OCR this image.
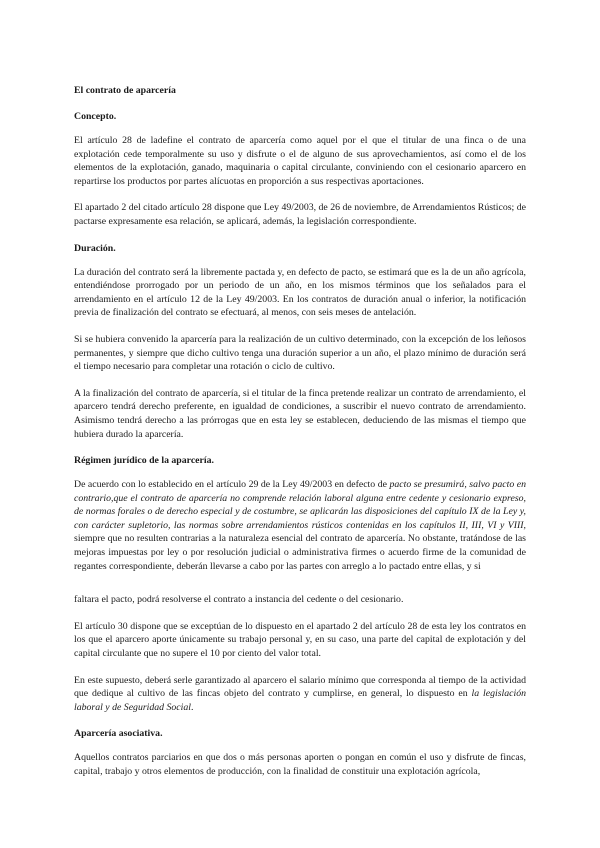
El contrato de aparcería
Concepto.

El artículo 28 de ladefine el contrato de aparcería como aquel por el que el titular de una finca o de una explotación cede temporalmente su uso y disfrute o el de alguno de sus aprovechamientos, así como el de los elementos de la explotación, ganado, maquinaria o capital circulante, conviniendo con el cesionario aparcero en repartirse los productos por partes alícuotas en proporción a sus respectivas aportaciones.

El apartado 2 del citado artículo 28 dispone que Ley 49/2003, de 26 de noviembre, de Arrendamientos Rústicos; de pactarse expresamente esa relación, se aplicará, además, la legislación correspondiente.

Duración.

La duración del contrato será la libremente pactada y, en defecto de pacto, se estimará que es la de un año agrícola, entendiéndose prorrogado por un periodo de un año, en los mismos términos que los señalados para el arrendamiento en el artículo 12 de la Ley 49/2003. En los contratos de duración anual o inferior, la notificación previa de finalización del contrato se efectuará, al menos, con seis meses de antelación.

Si se hubiera convenido la aparcería para la realización de un cultivo determinado, con la excepción de los leñosos permanentes, y siempre que dicho cultivo tenga una duración superior a un año, el plazo mínimo de duración será el tiempo necesario para completar una rotación o ciclo de cultivo.

A la finalización del contrato de aparcería, si el titular de la finca pretende realizar un contrato de arrendamiento, el aparcero tendrá derecho preferente, en igualdad de condiciones, a suscribir el nuevo contrato de arrendamiento. Asimismo tendrá derecho a las prórrogas que en esta ley se establecen, deduciendo de las mismas el tiempo que hubiera durado la aparcería.

Régimen jurídico de la aparcería.

De acuerdo con lo establecido en el artículo 29 de la Ley 49/2003 en defecto de pacto se presumirá, salvo pacto en contrario,que el contrato de aparcería no comprende relación laboral alguna entre cedente y cesionario expreso, de normas forales o de derecho especial y de costumbre, se aplicarán las disposiciones del capítulo IX de la Ley y, con carácter supletorio, las normas sobre arrendamientos rústicos contenidas en los capítulos II, III, VI y VIII, siempre que no resulten contrarias a la naturaleza esencial del contrato de aparcería. No obstante, tratándose de las mejoras impuestas por ley o por resolución judicial o administrativa firmes o acuerdo firme de la comunidad de regantes correspondiente, deberán llevarse a cabo por las partes con arreglo a lo pactado entre ellas, y si

faltara el pacto, podrá resolverse el contrato a instancia del cedente o del cesionario.

El artículo 30 dispone que se exceptúan de lo dispuesto en el apartado 2 del artículo 28 de esta ley los contratos en los que el aparcero aporte únicamente su trabajo personal y, en su caso, una parte del capital de explotación y del capital circulante que no supere el 10 por ciento del valor total.

En este supuesto, deberá serle garantizado al aparcero el salario mínimo que corresponda al tiempo de la actividad que dedique al cultivo de las fincas objeto del contrato y cumplirse, en general, lo dispuesto en la legislación laboral y de Seguridad Social.

Aparcería asociativa.

Aquellos contratos parciarios en que dos o más personas aporten o pongan en común el uso y disfrute de fincas, capital, trabajo y otros elementos de producción, con la finalidad de constituir una explotación agrícola,
